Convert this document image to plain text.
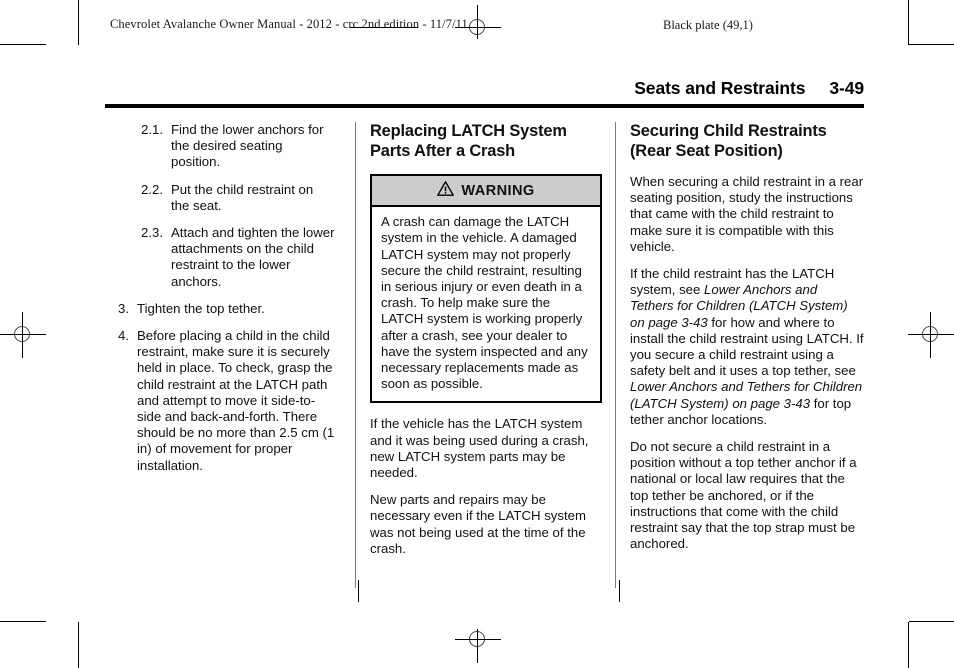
Chevrolet Avalanche Owner Manual - 2012 - crc 2nd edition - 11/7/11	Black plate (49,1)
Seats and Restraints 3-49
2.1. Find the lower anchors for the desired seating position.
2.2. Put the child restraint on the seat.
2.3. Attach and tighten the lower attachments on the child restraint to the lower anchors.
3. Tighten the top tether.
4. Before placing a child in the child restraint, make sure it is securely held in place. To check, grasp the child restraint at the LATCH path and attempt to move it side-to-side and back-and-forth. There should be no more than 2.5 cm (1 in) of movement for proper installation.
Replacing LATCH System Parts After a Crash
WARNING
A crash can damage the LATCH system in the vehicle. A damaged LATCH system may not properly secure the child restraint, resulting in serious injury or even death in a crash. To help make sure the LATCH system is working properly after a crash, see your dealer to have the system inspected and any necessary replacements made as soon as possible.

If the vehicle has the LATCH system and it was being used during a crash, new LATCH system parts may be needed.

New parts and repairs may be necessary even if the LATCH system was not being used at the time of the crash.

Securing Child Restraints (Rear Seat Position)

When securing a child restraint in a rear seating position, study the instructions that came with the child restraint to make sure it is compatible with this vehicle.

If the child restraint has the LATCH system, see Lower Anchors and Tethers for Children (LATCH System) on page 3-43 for how and where to install the child restraint using LATCH. If you secure a child restraint using a safety belt and it uses a top tether, see Lower Anchors and Tethers for Children (LATCH System) on page 3-43 for top tether anchor locations.

Do not secure a child restraint in a position without a top tether anchor if a national or local law requires that the top tether be anchored, or if the instructions that come with the child restraint say that the top strap must be anchored.
